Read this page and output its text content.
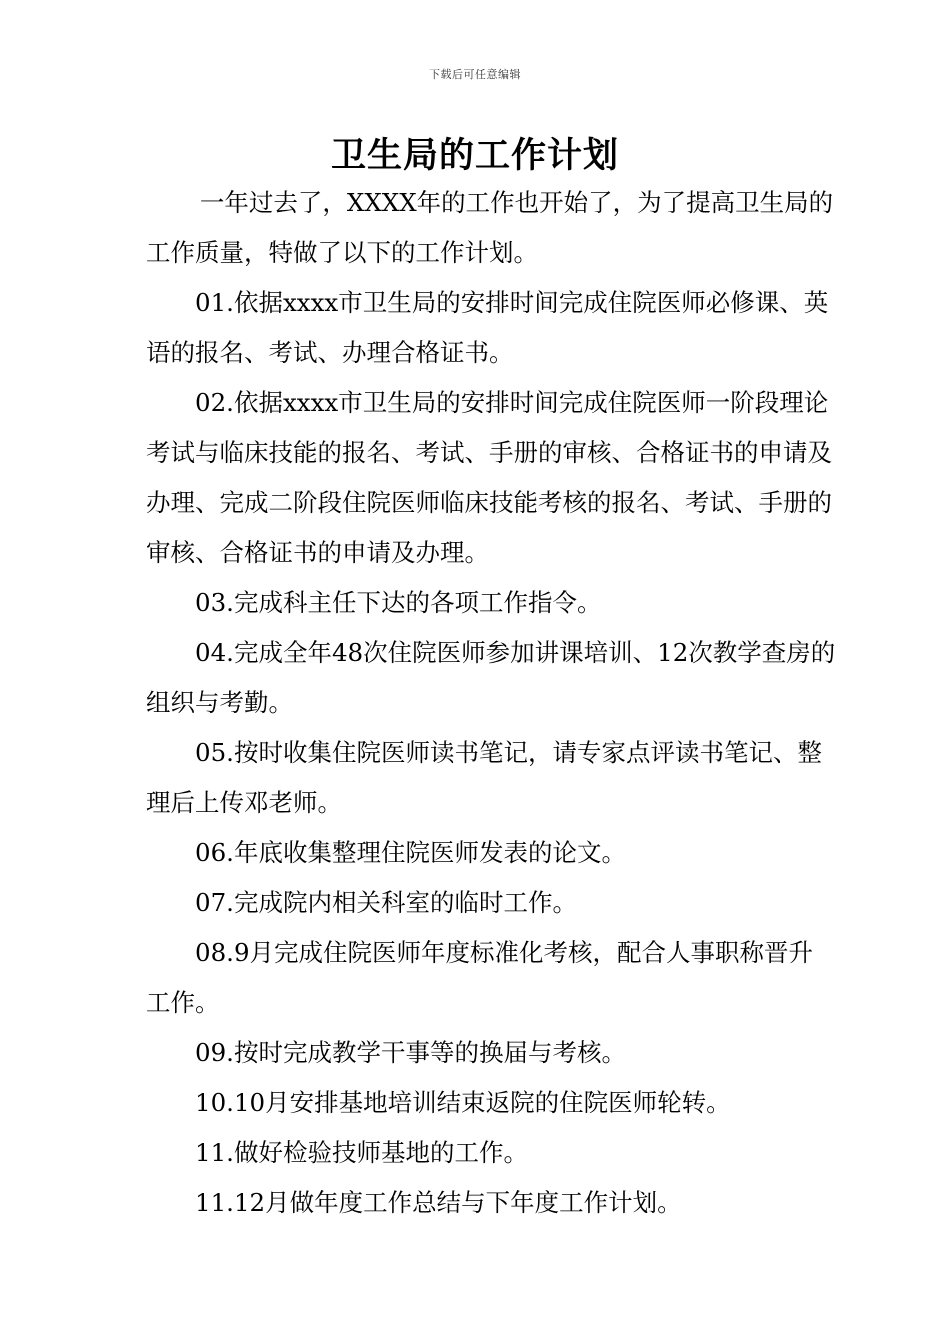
下载后可任意编辑
卫生局的工作计划

一年过去了，XXXX年的工作也开始了，为了提高卫生局的工作质量，特做了以下的工作计划。

01.依据xxxx市卫生局的安排时间完成住院医师必修课、英语的报名、考试、办理合格证书。

02.依据xxxx市卫生局的安排时间完成住院医师一阶段理论考试与临床技能的报名、考试、手册的审核、合格证书的申请及办理、完成二阶段住院医师临床技能考核的报名、考试、手册的审核、合格证书的申请及办理。

03.完成科主任下达的各项工作指令。

04.完成全年48次住院医师参加讲课培训、12次教学查房的组织与考勤。

05.按时收集住院医师读书笔记，请专家点评读书笔记、整理后上传邓老师。

06.年底收集整理住院医师发表的论文。

07.完成院内相关科室的临时工作。

08.9月完成住院医师年度标准化考核，配合人事职称晋升工作。

09.按时完成教学干事等的换届与考核。

10.10月安排基地培训结束返院的住院医师轮转。

11.做好检验技师基地的工作。

11.12月做年度工作总结与下年度工作计划。
